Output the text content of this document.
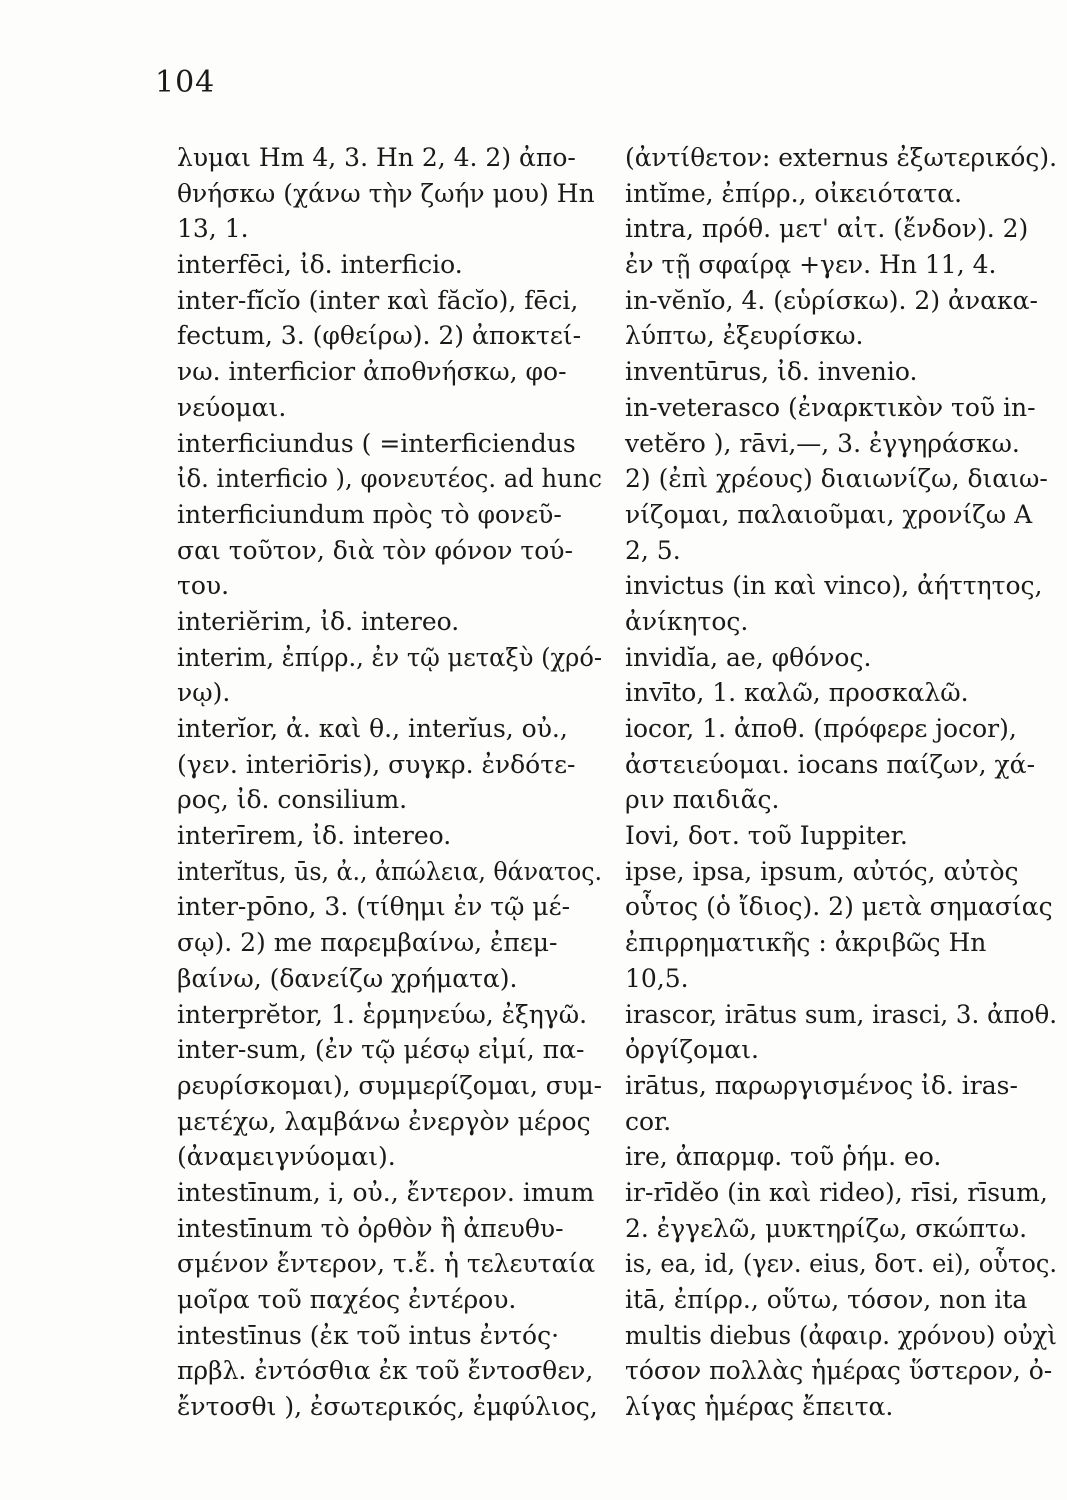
104
λυμαι Hm 4, 3. Hn 2, 4. 2) ἀπο-
θνήσκω (χάνω τὴν ζωήν μου) Hn
13, 1.
interfēci, ἰδ. interficio.
inter-fĭcĭo (inter καὶ făcĭo), fēci,
fectum, 3. (φθείρω). 2) ἀποκτεί-
νω. interficior ἀποθνήσκω, φο-
νεύομαι.
interficiundus ( =interficiendus
ἰδ. interficio ), φονευτέος. ad hunc
interficiundum πρὸς τὸ φονεῦ-
σαι τοῦτον, διὰ τὸν φόνον τού-
του.
interiĕrim, ἰδ. intereo.
interim, ἐπίρρ., ἐν τῷ μεταξὺ (χρό-
νῳ).
interĭor, ἀ. καὶ θ., interĭus, οὐ.,
(γεν. interiōris), συγκρ. ἐνδότε-
ρος, ἰδ. consilium.
interīrem, ἰδ. intereo.
interĭtus, ūs, ἀ., ἀπώλεια, θάνατος.
inter-pōno, 3. (τίθημι ἐν τῷ μέ-
σῳ). 2) me παρεμβαίνω, ἐπεμ-
βαίνω, (δανείζω χρήματα).
interprĕtor, 1. ἑρμηνεύω, ἐξηγῶ.
inter-sum, (ἐν τῷ μέσῳ εἰμί, πα-
ρευρίσκομαι), συμμερίζομαι, συμ-
μετέχω, λαμβάνω ἐνεργὸν μέρος
(ἀναμειγνύομαι).
intestīnum, i, οὐ., ἔντερον. imum
intestīnum τὸ ὀρθὸν ἢ ἀπευθυ-
σμένον ἔντερον, τ.ἔ. ἡ τελευταία
μοῖρα τοῦ παχέος ἐντέρου.
intestīnus (ἐκ τοῦ intus ἐντός·
πρβλ. ἐντόσθια ἐκ τοῦ ἔντοσθεν,
ἔντοσθι ), ἐσωτερικός, ἐμφύλιος,
(ἀντίθετον: externus ἐξωτερικός).
intĭme, ἐπίρρ., οἰκειότατα.
intra, πρόθ. μετ' αἰτ. (ἔνδον). 2)
ἐν τῇ σφαίρᾳ +γεν. Hn 11, 4.
in-vĕnĭo, 4. (εὑρίσκω). 2) ἀνακα-
λύπτω, ἐξευρίσκω.
inventūrus, ἰδ. invenio.
in-veterasco (ἐναρκτικὸν τοῦ in-
vetĕro ), rāvi,—, 3. ἐγγηράσκω.
2) (ἐπὶ χρέους) διαιωνίζω, διαιω-
νίζομαι, παλαιοῦμαι, χρονίζω A
2, 5.
invictus (in καὶ vinco), ἀήττητος,
ἀνίκητος.
invidĭa, ae, φθόνος.
invīto, 1. καλῶ, προσκαλῶ.
iocor, 1. ἀποθ. (πρόφερε jocor),
ἀστειεύομαι. iocans παίζων, χά-
ριν παιδιᾶς.
Iovi, δοτ. τοῦ Iuppiter.
ipse, ipsa, ipsum, αὐτός, αὐτὸς
οὗτος (ὁ ἴδιος). 2) μετὰ σημασίας
ἐπιρρηματικῆς : ἀκριβῶς Hn
10,5.
irascor, irātus sum, irasci, 3. ἀποθ.
ὀργίζομαι.
irātus, παρωργισμένος ἰδ. iras-
cor.
ire, ἀπαρμφ. τοῦ ῥήμ. eo.
ir-rīdĕo (in καὶ rideo), rīsi, rīsum,
2. ἐγγελῶ, μυκτηρίζω, σκώπτω.
is, ea, id, (γεν. eius, δοτ. ei), οὗτος.
itā, ἐπίρρ., οὕτω, τόσον, non ita
multis diebus (ἀφαιρ. χρόνου) οὐχὶ
τόσον πολλὰς ἡμέρας ὕστερον, ὀ-
λίγας ἡμέρας ἔπειτα.
